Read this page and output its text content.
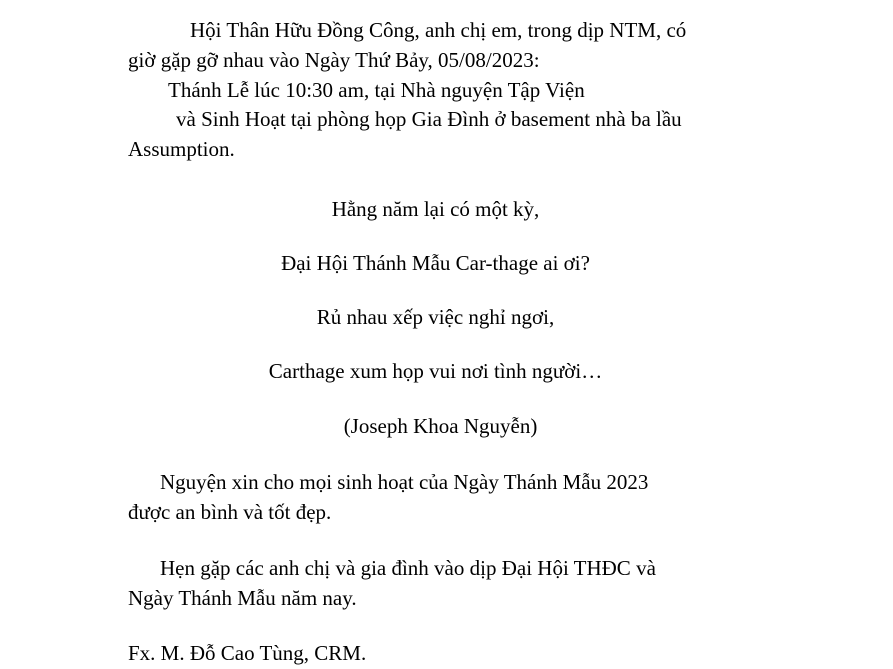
Hội Thân Hữu Đồng Công, anh chị em, trong dịp NTM, có

giờ gặp gỡ nhau vào Ngày Thứ Bảy, 05/08/2023:

Thánh Lễ lúc 10:30 am, tại Nhà nguyện Tập Viện

và Sinh Hoạt tại phòng họp Gia Đình ở basement nhà ba lầu

Assumption.

Hằng năm lại có một kỳ,

Đại Hội Thánh Mẫu Car-thage ai ơi?

Rủ nhau xếp việc nghỉ ngơi,

Carthage xum họp vui nơi tình người…

(Joseph Khoa Nguyễn)

Nguyện xin cho mọi sinh hoạt của Ngày Thánh Mẫu 2023

được an bình và tốt đẹp.

Hẹn gặp các anh chị và gia đình vào dịp Đại Hội THĐC và

Ngày Thánh Mẫu năm nay.

Fx. M. Đỗ Cao Tùng, CRM.
